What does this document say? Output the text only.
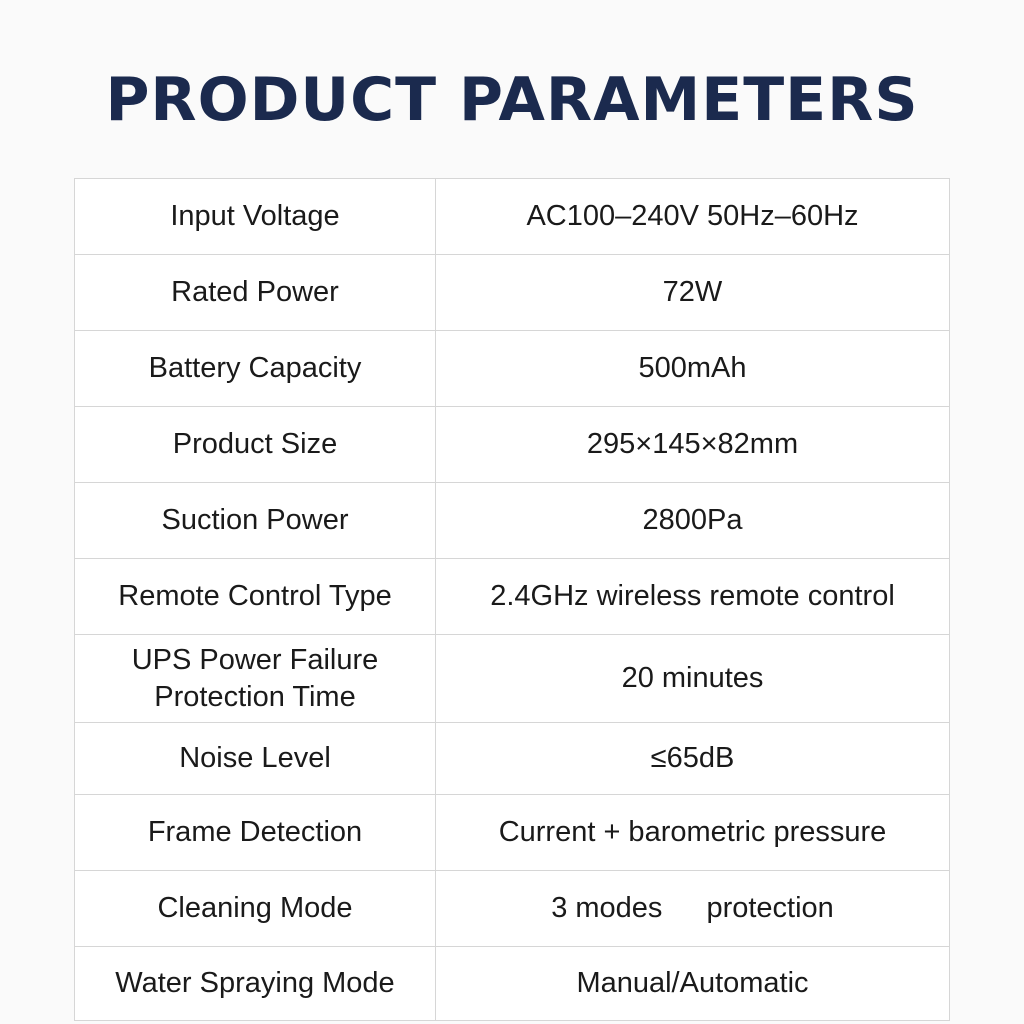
PRODUCT PARAMETERS
Input Voltage	AC100–240V 50Hz–60Hz
Rated Power	72W
Battery Capacity	500mAh
Product Size	295×145×82mm
Suction Power	2800Pa
Remote Control Type	2.4GHz wireless remote control
UPS Power Failure
Protection Time	20 minutes
Noise Level	≤65dB
Frame Detection	Current + barometric pressure
Cleaning Mode	3 modes protection
Water Spraying Mode	Manual/Automatic
